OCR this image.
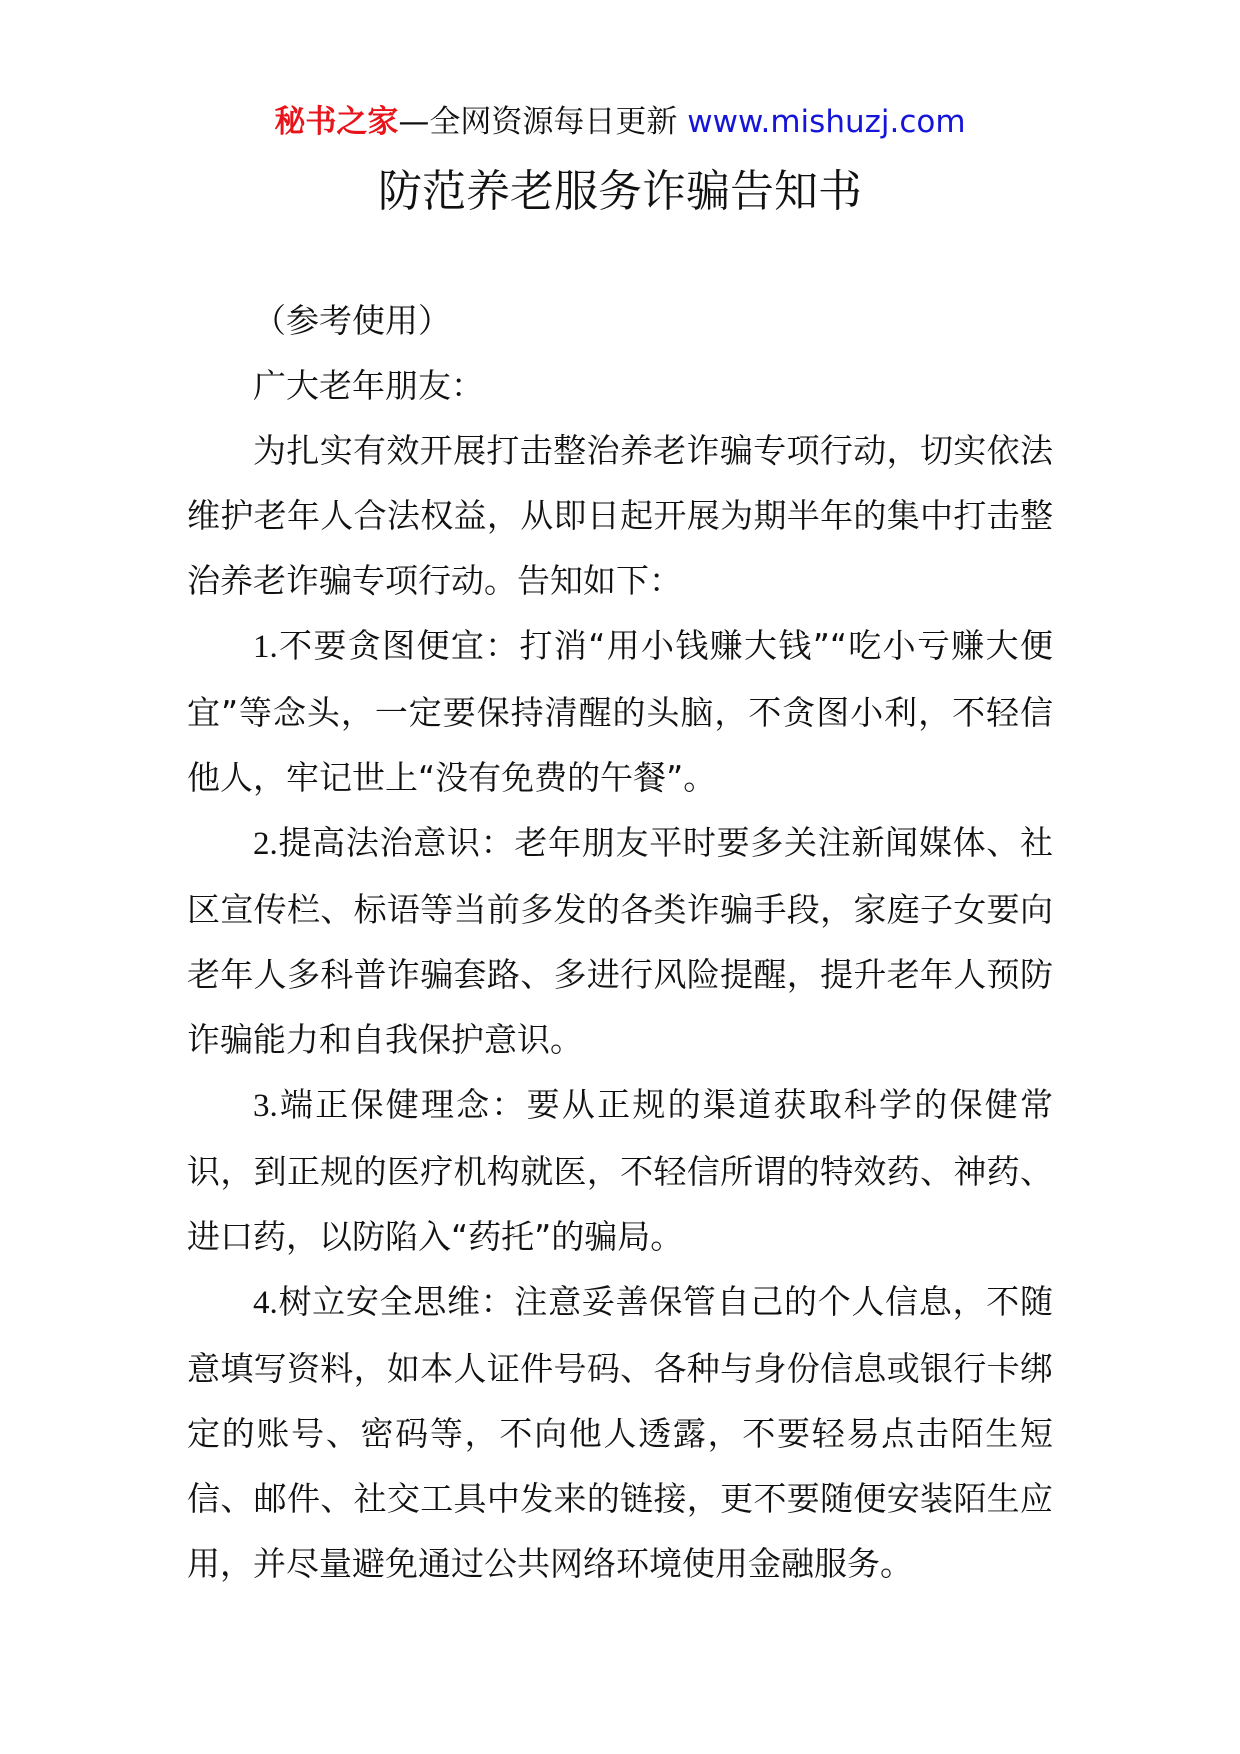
秘书之家—全网资源每日更新 www.mishuzj.com
防范养老服务诈骗告知书

（参考使用）

广大老年朋友：

为扎实有效开展打击整治养老诈骗专项行动，切实依法维护老年人合法权益，从即日起开展为期半年的集中打击整治养老诈骗专项行动。告知如下：

1.不要贪图便宜：打消“用小钱赚大钱”“吃小亏赚大便宜”等念头，一定要保持清醒的头脑，不贪图小利，不轻信他人，牢记世上“没有免费的午餐”。

2.提高法治意识：老年朋友平时要多关注新闻媒体、社区宣传栏、标语等当前多发的各类诈骗手段，家庭子女要向老年人多科普诈骗套路、多进行风险提醒，提升老年人预防诈骗能力和自我保护意识。

3.端正保健理念：要从正规的渠道获取科学的保健常识，到正规的医疗机构就医，不轻信所谓的特效药、神药、进口药，以防陷入“药托”的骗局。

4.树立安全思维：注意妥善保管自己的个人信息，不随意填写资料，如本人证件号码、各种与身份信息或银行卡绑定的账号、密码等，不向他人透露，不要轻易点击陌生短信、邮件、社交工具中发来的链接，更不要随便安装陌生应用，并尽量避免通过公共网络环境使用金融服务。
